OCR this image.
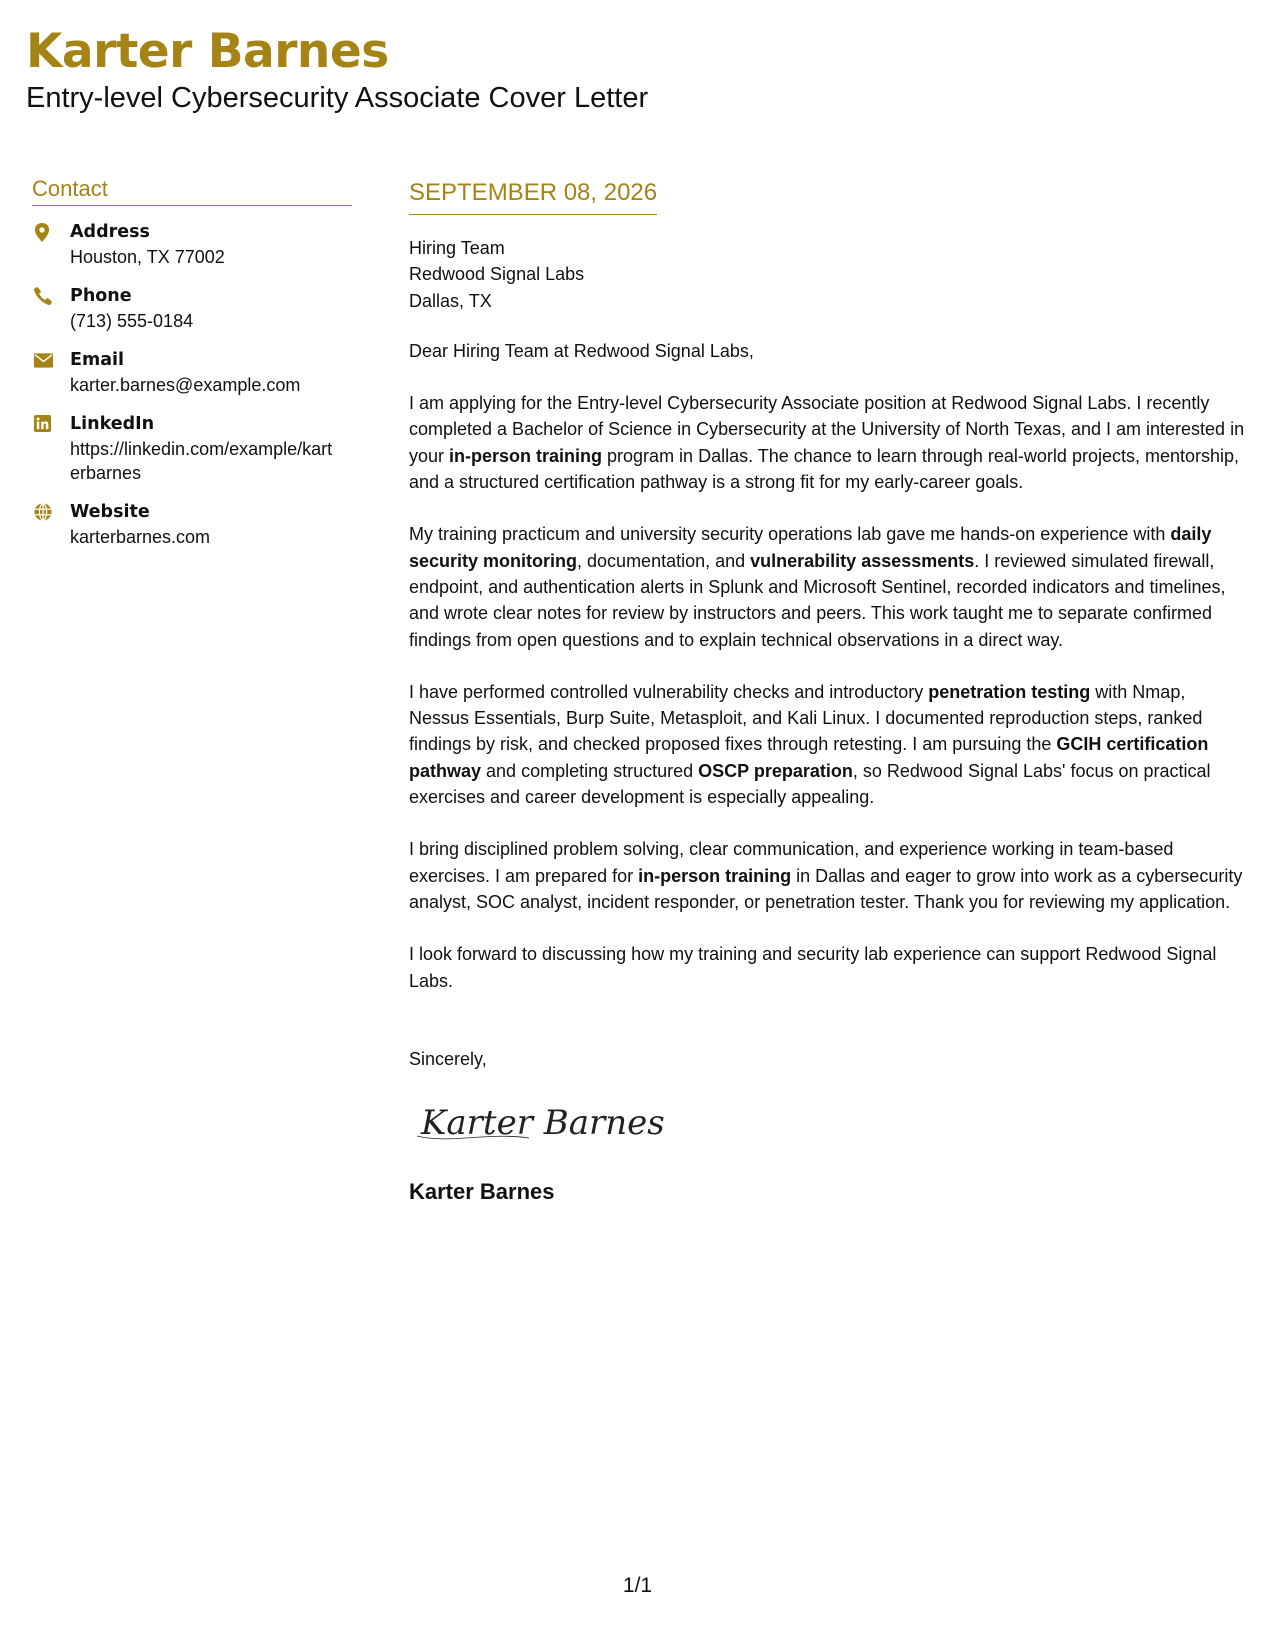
Karter Barnes
Entry-level Cybersecurity Associate Cover Letter
Contact
Address
Houston, TX 77002
Phone
(713) 555-0184
Email
karter.barnes@example.com
LinkedIn
https://linkedin.com/example/karterbarnes
Website
karterbarnes.com
SEPTEMBER 08, 2026
Hiring Team
Redwood Signal Labs
Dallas, TX
Dear Hiring Team at Redwood Signal Labs,
I am applying for the Entry-level Cybersecurity Associate position at Redwood Signal Labs. I recently completed a Bachelor of Science in Cybersecurity at the University of North Texas, and I am interested in your in-person training program in Dallas. The chance to learn through real-world projects, mentorship, and a structured certification pathway is a strong fit for my early-career goals.
My training practicum and university security operations lab gave me hands-on experience with daily security monitoring, documentation, and vulnerability assessments. I reviewed simulated firewall, endpoint, and authentication alerts in Splunk and Microsoft Sentinel, recorded indicators and timelines, and wrote clear notes for review by instructors and peers. This work taught me to separate confirmed findings from open questions and to explain technical observations in a direct way.
I have performed controlled vulnerability checks and introductory penetration testing with Nmap, Nessus Essentials, Burp Suite, Metasploit, and Kali Linux. I documented reproduction steps, ranked findings by risk, and checked proposed fixes through retesting. I am pursuing the GCIH certification pathway and completing structured OSCP preparation, so Redwood Signal Labs' focus on practical exercises and career development is especially appealing.
I bring disciplined problem solving, clear communication, and experience working in team-based exercises. I am prepared for in-person training in Dallas and eager to grow into work as a cybersecurity analyst, SOC analyst, incident responder, or penetration tester. Thank you for reviewing my application.
I look forward to discussing how my training and security lab experience can support Redwood Signal Labs.
Sincerely,
Karter Barnes
Karter Barnes
1/1
